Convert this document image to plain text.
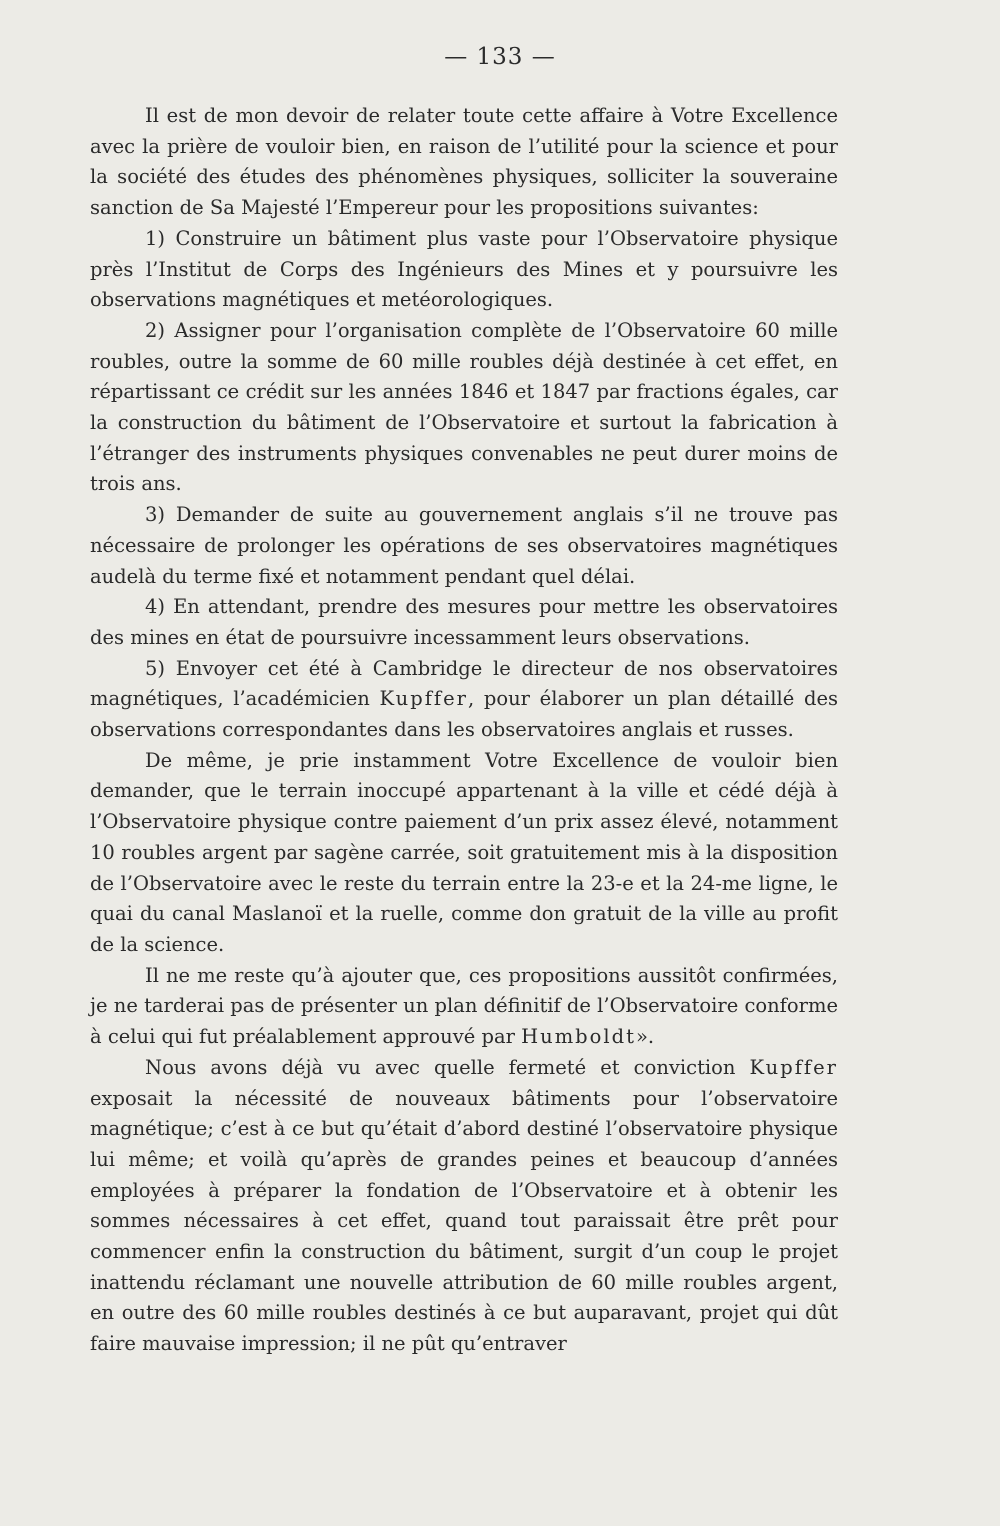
— 133 —

Il est de mon devoir de relater toute cette affaire à Votre Excellence avec la prière de vouloir bien, en raison de l’utilité pour la science et pour la société des études des phénomènes physiques, solliciter la souveraine sanction de Sa Majesté l’Empereur pour les propositions suivantes:

1) Construire un bâtiment plus vaste pour l’Observatoire physique près l’Institut de Corps des Ingénieurs des Mines et y poursuivre les observations magnétiques et metéorologiques.

2) Assigner pour l’organisation complète de l’Observatoire 60 mille roubles, outre la somme de 60 mille roubles déjà destinée à cet effet, en répartissant ce crédit sur les années 1846 et 1847 par fractions égales, car la construction du bâtiment de l’Observatoire et surtout la fabrication à l’étranger des instruments physiques convenables ne peut durer moins de trois ans.

3) Demander de suite au gouvernement anglais s’il ne trouve pas nécessaire de prolonger les opérations de ses observatoires magnétiques audelà du terme fixé et notamment pendant quel délai.

4) En attendant, prendre des mesures pour mettre les observatoires des mines en état de poursuivre incessamment leurs observations.

5) Envoyer cet été à Cambridge le directeur de nos observatoires magnétiques, l’académicien Kupffer, pour élaborer un plan détaillé des observations correspondantes dans les observatoires anglais et russes.

De même, je prie instamment Votre Excellence de vouloir bien demander, que le terrain inoccupé appartenant à la ville et cédé déjà à l’Observatoire physique contre paiement d’un prix assez élevé, notamment 10 roubles argent par sagène carrée, soit gratuitement mis à la disposition de l’Observatoire avec le reste du terrain entre la 23-e et la 24-me ligne, le quai du canal Maslanoï et la ruelle, comme don gratuit de la ville au profit de la science.

Il ne me reste qu’à ajouter que, ces propositions aussitôt confirmées, je ne tarderai pas de présenter un plan définitif de l’Observatoire conforme à celui qui fut préalablement approuvé par Humboldt».

Nous avons déjà vu avec quelle fermeté et conviction Kupffer exposait la nécessité de nouveaux bâtiments pour l’observatoire magnétique; c’est à ce but qu’était d’abord destiné l’observatoire physique lui même; et voilà qu’après de grandes peines et beaucoup d’années employées à préparer la fondation de l’Observatoire et à obtenir les sommes nécessaires à cet effet, quand tout paraissait être prêt pour commencer enfin la construction du bâtiment, surgit d’un coup le projet inattendu réclamant une nouvelle attribution de 60 mille roubles argent, en outre des 60 mille roubles destinés à ce but auparavant, projet qui dût faire mauvaise impression; il ne pût qu’entraver
